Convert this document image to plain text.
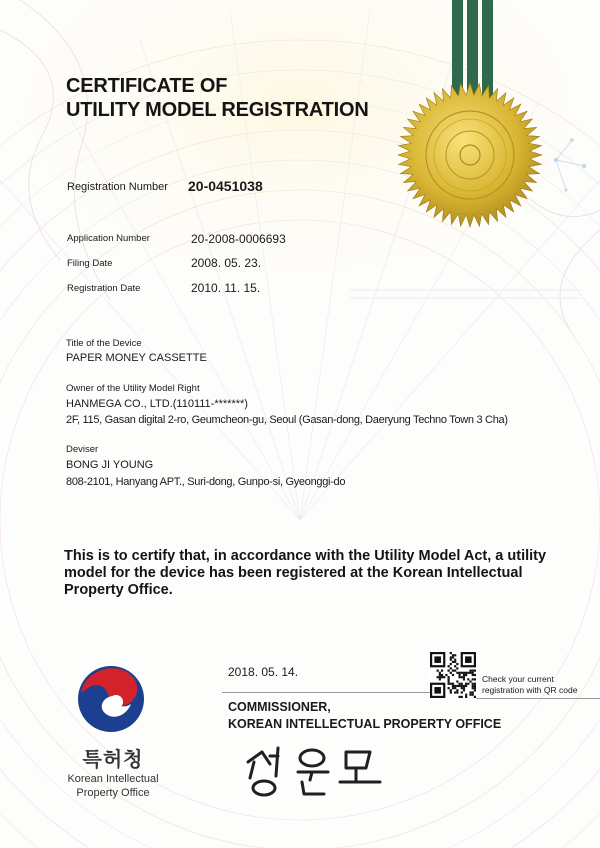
CERTIFICATE OF
UTILITY MODEL REGISTRATION
Registration Number 20-0451038
Application Number	20-2008-0006693
Filing Date	2008. 05. 23.
Registration Date	2010. 11. 15.
Title of the Device
PAPER MONEY CASSETTE
Owner of the Utility Model Right
HANMEGA CO., LTD.(110111-*******)
2F, 115, Gasan digital 2-ro, Geumcheon-gu, Seoul (Gasan-dong, Daeryung Techno Town 3 Cha)
Deviser
BONG JI YOUNG
808-2101, Hanyang APT., Suri-dong, Gunpo-si, Gyeonggi-do
This is to certify that, in accordance with the Utility Model Act, a utility
model for the device has been registered at the Korean Intellectual
Property Office.
2018. 05. 14.	Check your current
registration with QR code
COMMISSIONER,
KOREAN INTELLECTUAL PROPERTY OFFICE
특허청
Korean Intellectual
Property Office
